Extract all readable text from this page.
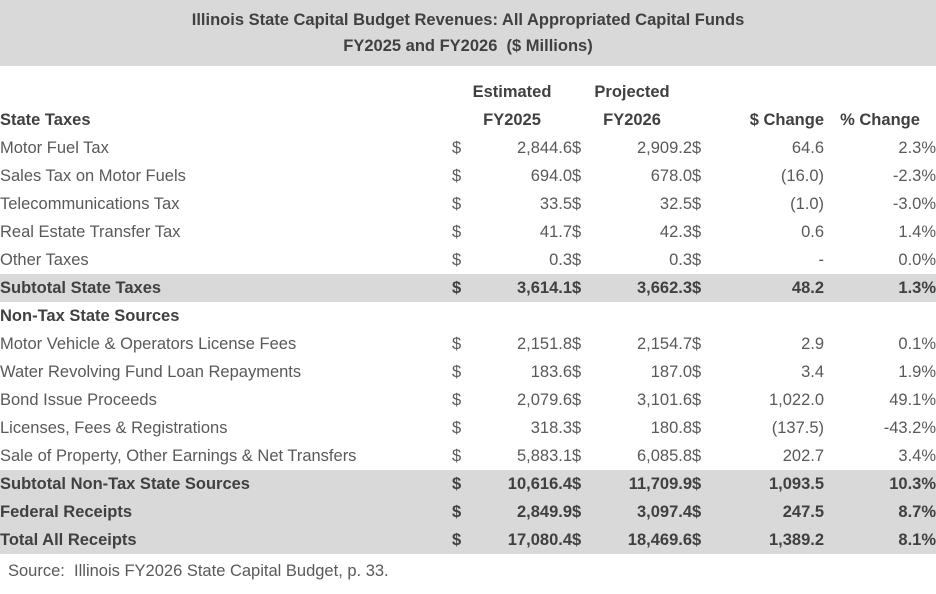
Illinois State Capital Budget Revenues: All Appropriated Capital Funds
FY2025 and FY2026  ($ Millions)
	Estimated		Projected				
State Taxes	FY2025		FY2026		$ Change		% Change
Motor Fuel Tax	$	2,844.6	$	2,909.2	$	64.6	2.3%
Sales Tax on Motor Fuels	$	694.0	$	678.0	$	(16.0)	-2.3%
Telecommunications Tax	$	33.5	$	32.5	$	(1.0)	-3.0%
Real Estate Transfer Tax	$	41.7	$	42.3	$	0.6	1.4%
Other Taxes	$	0.3	$	0.3	$	-	0.0%
Subtotal State Taxes	$	3,614.1	$	3,662.3	$	48.2	1.3%
Non-Tax State Sources							
Motor Vehicle & Operators License Fees	$	2,151.8	$	2,154.7	$	2.9	0.1%
Water Revolving Fund Loan Repayments	$	183.6	$	187.0	$	3.4	1.9%
Bond Issue Proceeds	$	2,079.6	$	3,101.6	$	1,022.0	49.1%
Licenses, Fees & Registrations	$	318.3	$	180.8	$	(137.5)	-43.2%
Sale of Property, Other Earnings & Net Transfers	$	5,883.1	$	6,085.8	$	202.7	3.4%
Subtotal Non-Tax State Sources	$	10,616.4	$	11,709.9	$	1,093.5	10.3%
Federal Receipts	$	2,849.9	$	3,097.4	$	247.5	8.7%
Total All Receipts	$	17,080.4	$	18,469.6	$	1,389.2	8.1%
Source:  Illinois FY2026 State Capital Budget, p. 33.
